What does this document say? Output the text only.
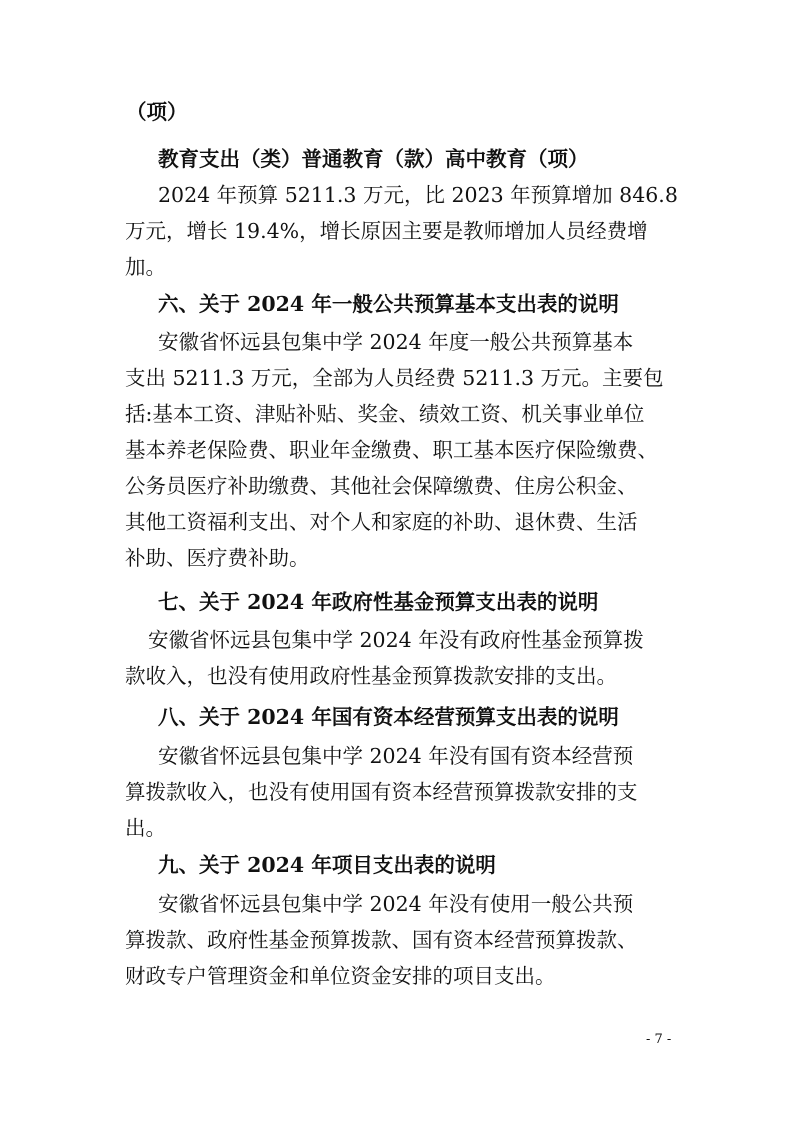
（项）
教育支出（类）普通教育（款）高中教育（项）
2024 年预算 5211.3 万元，比 2023 年预算增加 846.8
万元，增长 19.4%，增长原因主要是教师增加人员经费增
加。
六、关于 2024 年一般公共预算基本支出表的说明
安徽省怀远县包集中学 2024 年度一般公共预算基本
支出 5211.3 万元，全部为人员经费 5211.3 万元。主要包
括:基本工资、津贴补贴、奖金、绩效工资、机关事业单位
基本养老保险费、职业年金缴费、职工基本医疗保险缴费、
公务员医疗补助缴费、其他社会保障缴费、住房公积金、
其他工资福利支出、对个人和家庭的补助、退休费、生活
补助、医疗费补助。
七、关于 2024 年政府性基金预算支出表的说明
安徽省怀远县包集中学 2024 年没有政府性基金预算拨
款收入，也没有使用政府性基金预算拨款安排的支出。
八、关于 2024 年国有资本经营预算支出表的说明
安徽省怀远县包集中学 2024 年没有国有资本经营预
算拨款收入，也没有使用国有资本经营预算拨款安排的支
出。
九、关于 2024 年项目支出表的说明
安徽省怀远县包集中学 2024 年没有使用一般公共预
算拨款、政府性基金预算拨款、国有资本经营预算拨款、
财政专户管理资金和单位资金安排的项目支出。
- 7 -
